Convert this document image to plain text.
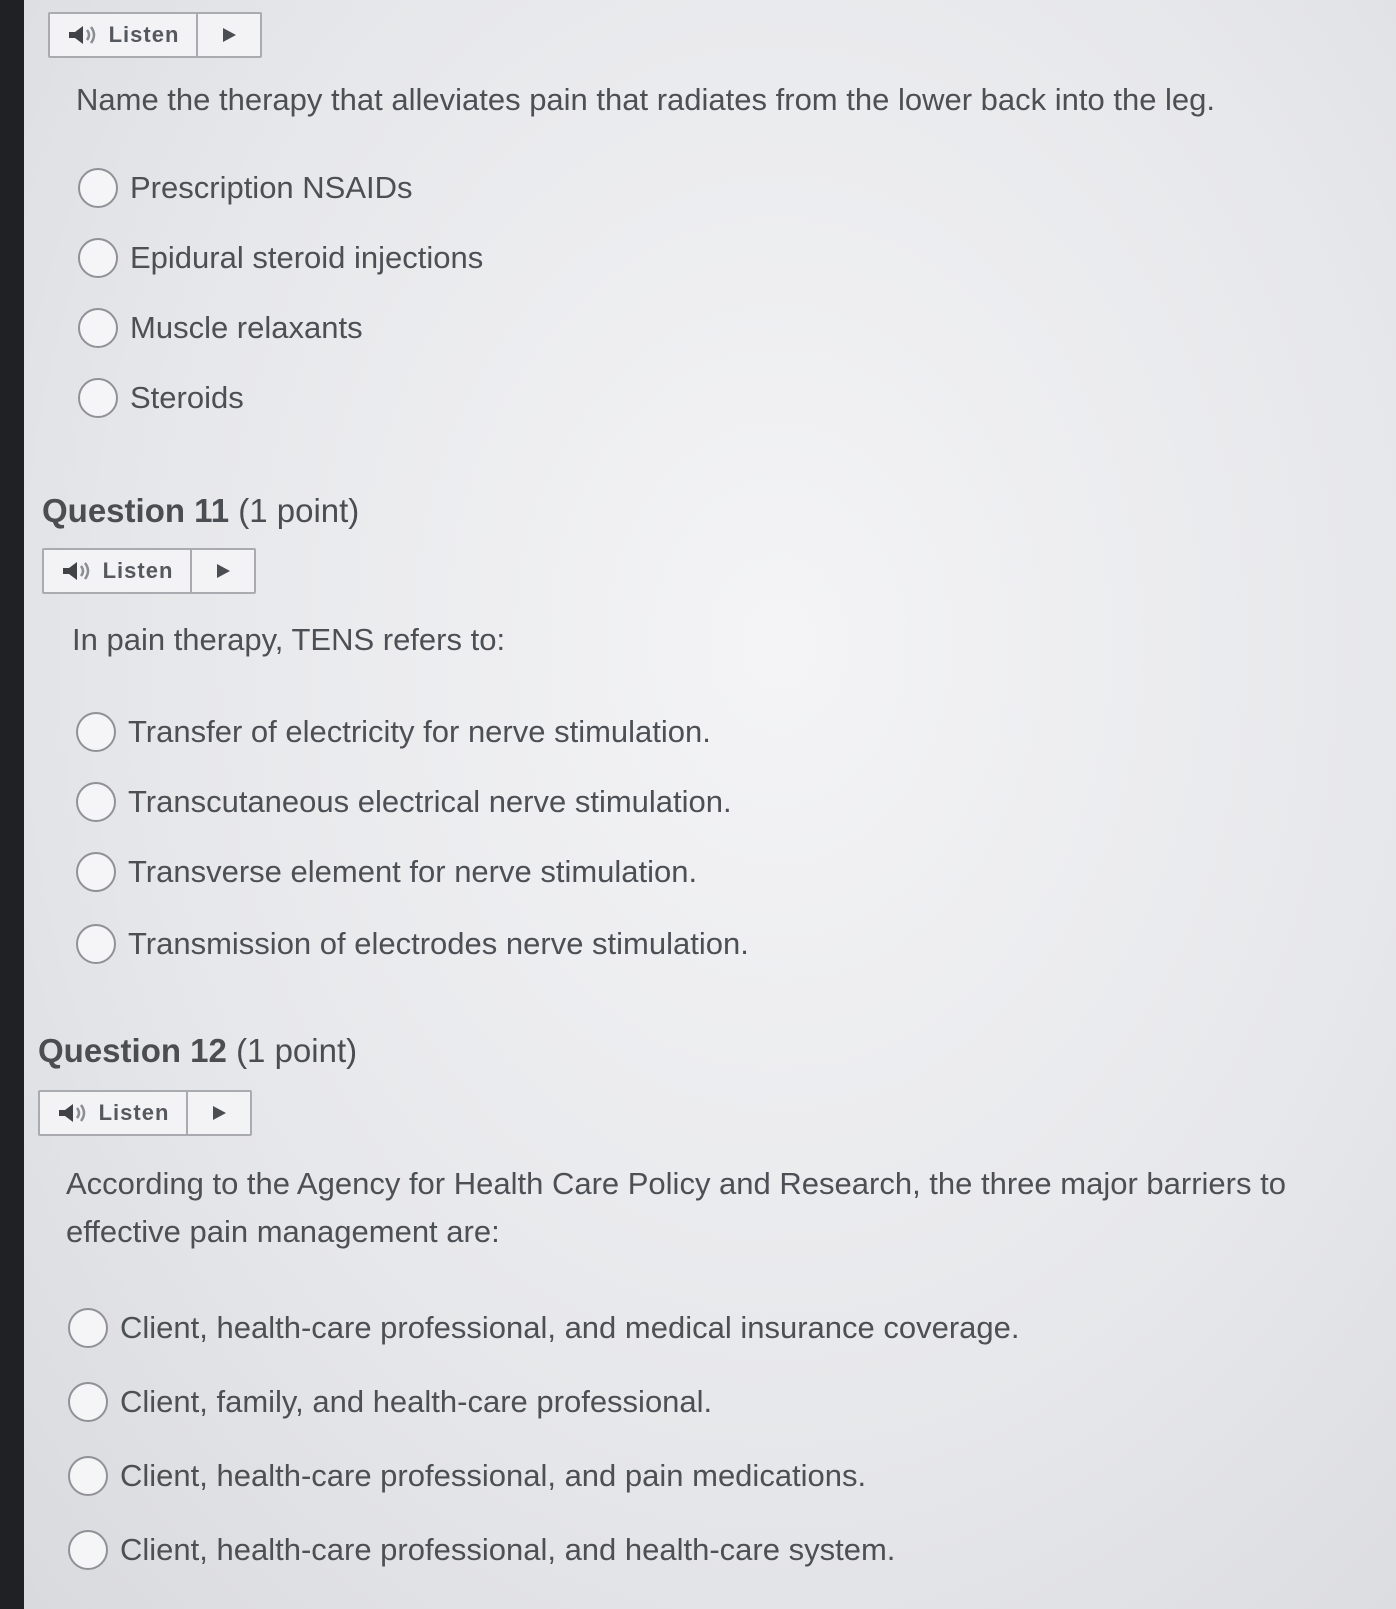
Listen
Name the therapy that alleviates pain that radiates from the lower back into the leg.
Prescription NSAIDs
Epidural steroid injections
Muscle relaxants
Steroids
Question 11 (1 point)
Listen
In pain therapy, TENS refers to:
Transfer of electricity for nerve stimulation.
Transcutaneous electrical nerve stimulation.
Transverse element for nerve stimulation.
Transmission of electrodes nerve stimulation.
Question 12 (1 point)
Listen
According to the Agency for Health Care Policy and Research, the three major barriers to effective pain management are:
Client, health-care professional, and medical insurance coverage.
Client, family, and health-care professional.
Client, health-care professional, and pain medications.
Client, health-care professional, and health-care system.
